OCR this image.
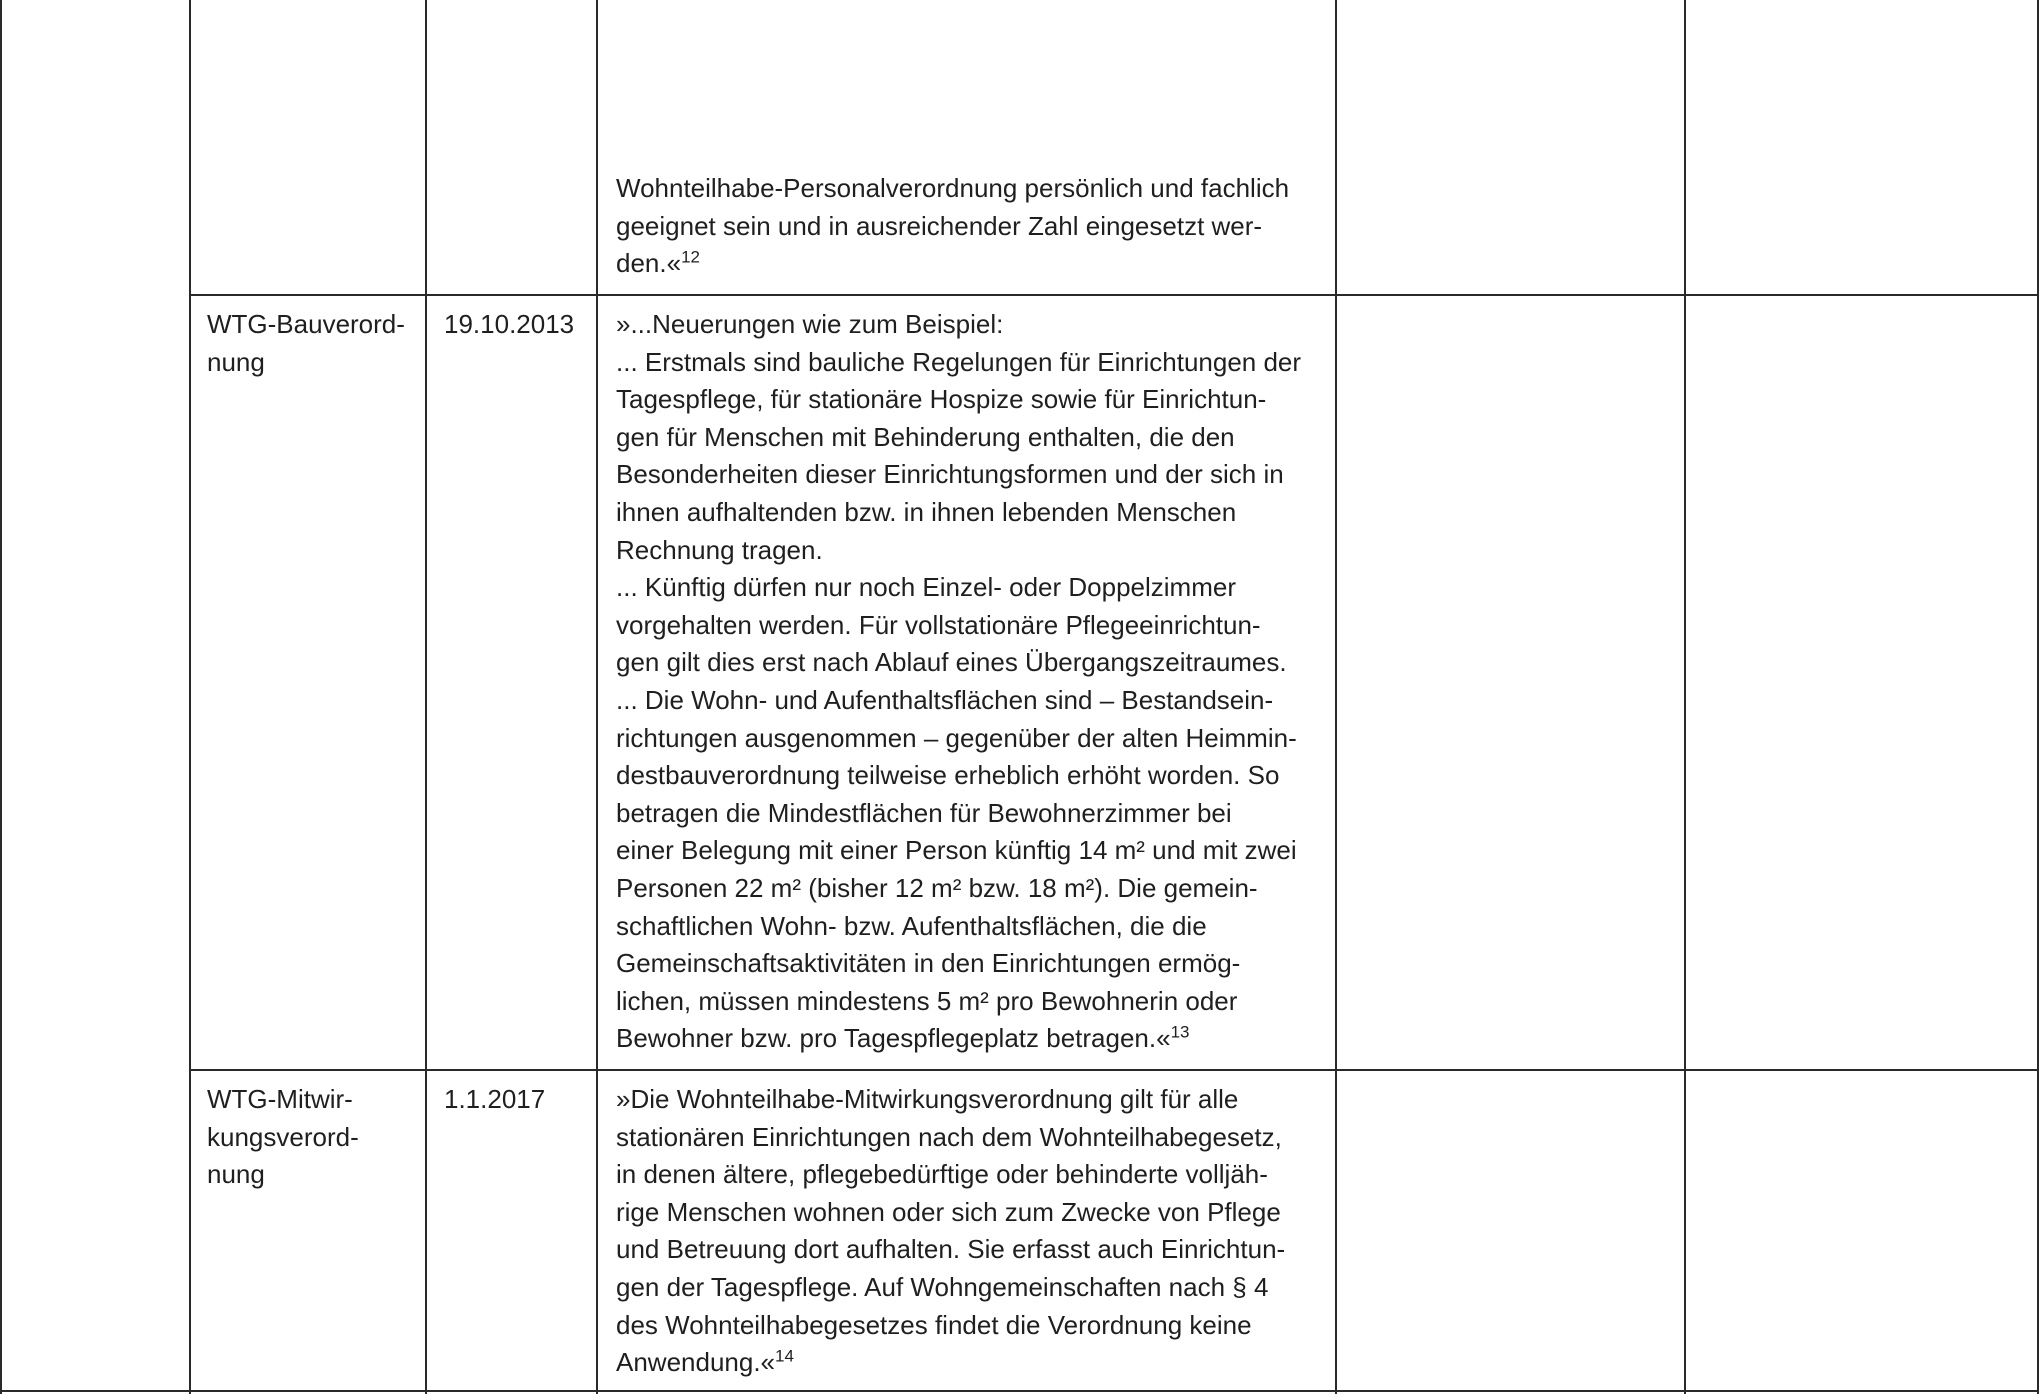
Wohnteilhabe-Personalverordnung persönlich und fachlich
geeignet sein und in ausreichender Zahl eingesetzt wer-
den.«$^{12}$
WTG-Bauverord-
nung
19.10.2013 »...Neuerungen wie zum Beispiel:
... Erstmals sind bauliche Regelungen für Einrichtungen der
Tagespflege, für stationäre Hospize sowie für Einrichtun-
gen für Menschen mit Behinderung enthalten, die den
Besonderheiten dieser Einrichtungsformen und der sich in
ihnen aufhaltenden bzw. in ihnen lebenden Menschen
Rechnung tragen.
... Künftig dürfen nur noch Einzel- oder Doppelzimmer
vorgehalten werden. Für vollstationäre Pflegeeinrichtun-
gen gilt dies erst nach Ablauf eines Übergangszeitraumes.
... Die Wohn- und Aufenthaltsflächen sind – Bestandsein-
richtungen ausgenommen – gegenüber der alten Heimmin-
destbauverordnung teilweise erheblich erhöht worden. So
betragen die Mindestflächen für Bewohnerzimmer bei
einer Belegung mit einer Person künftig 14 m² und mit zwei
Personen 22 m² (bisher 12 m² bzw. 18 m²). Die gemein-
schaftlichen Wohn- bzw. Aufenthaltsflächen, die die
Gemeinschaftsaktivitäten in den Einrichtungen ermög-
lichen, müssen mindestens 5 m² pro Bewohnerin oder
Bewohner bzw. pro Tagespflegeplatz betragen.«$^{13}$
WTG-Mitwir-
kungsverord-
nung
1.1.2017	»Die Wohnteilhabe-Mitwirkungsverordnung gilt für alle
stationären Einrichtungen nach dem Wohnteilhabegesetz,
in denen ältere, pflegebedürftige oder behinderte volljäh-
rige Menschen wohnen oder sich zum Zwecke von Pflege
und Betreuung dort aufhalten. Sie erfasst auch Einrichtun-
gen der Tagespflege. Auf Wohngemeinschaften nach § 4
des Wohnteilhabegesetzes findet die Verordnung keine
Anwendung.«$^{14}$
